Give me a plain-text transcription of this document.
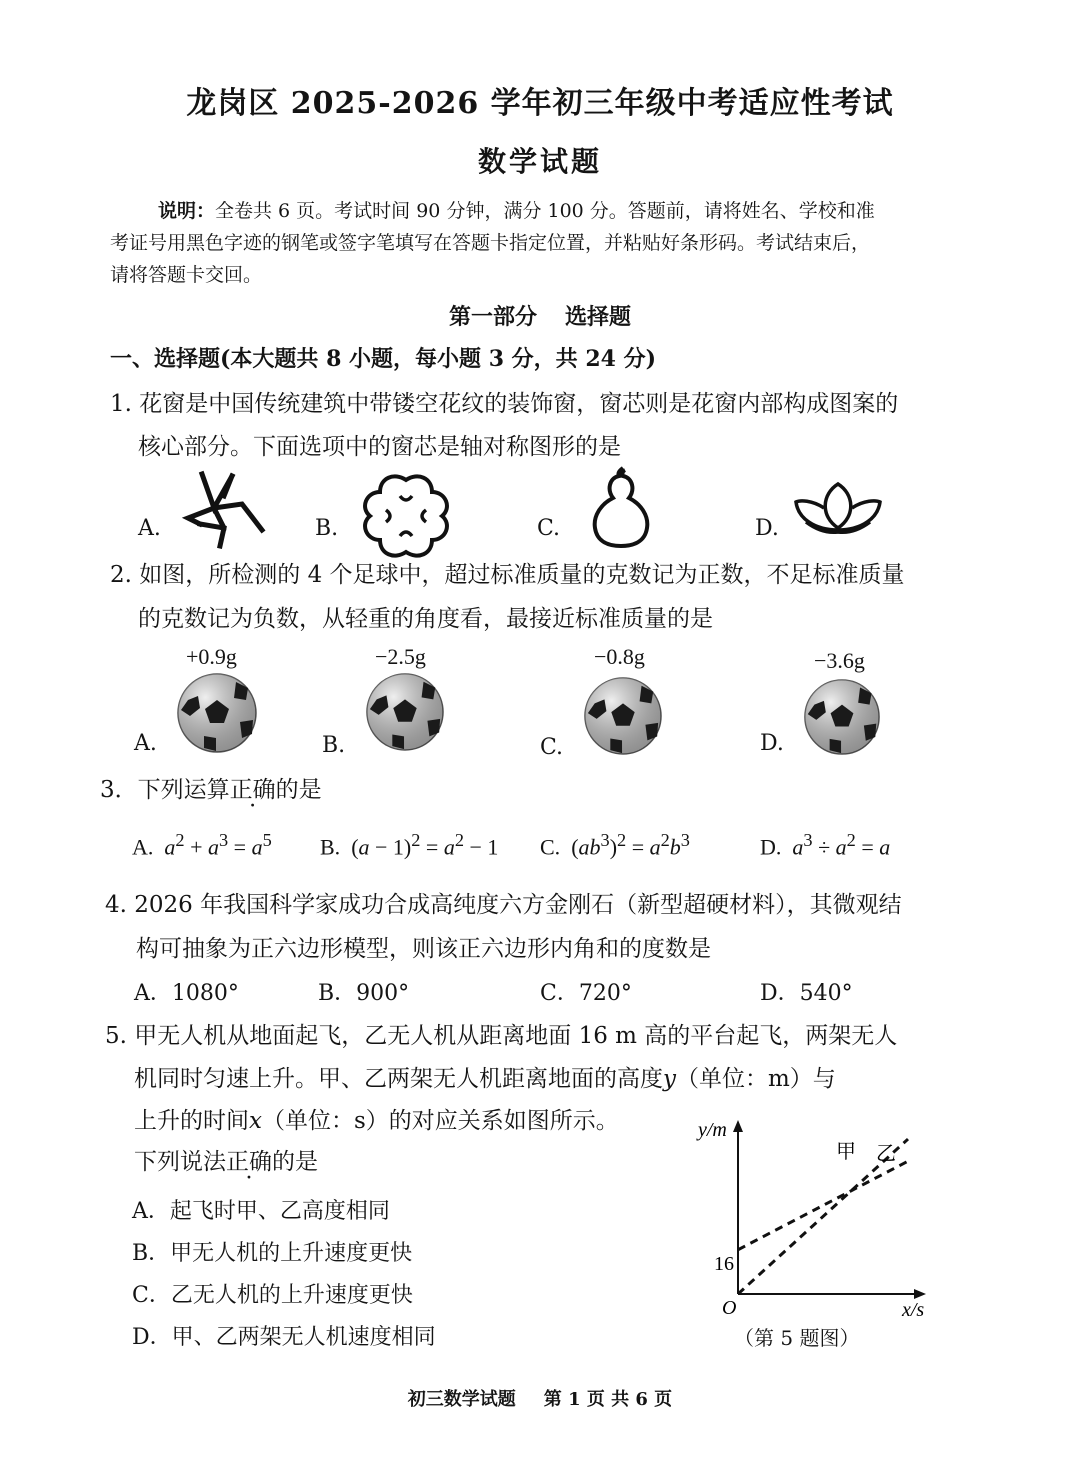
龙岗区 2025-2026 学年初三年级中考适应性考试
数学试题
说明：全卷共 6 页。考试时间 90 分钟，满分 100 分。答题前，请将姓名、学校和准
考证号用黑色字迹的钢笔或签字笔填写在答题卡指定位置，并粘贴好条形码。考试结束后，
请将答题卡交回。
第一部分 选择题
一、选择题(本大题共 8 小题，每小题 3 分，共 24 分)
1. 花窗是中国传统建筑中带镂空花纹的装饰窗，窗芯则是花窗内部构成图案的
核心部分。下面选项中的窗芯是轴对称图形的是
A.	B.	C.	D.
2. 如图，所检测的 4 个足球中，超过标准质量的克数记为正数，不足标准质量
的克数记为负数，从轻重的角度看，最接近标准质量的是
+0.9g	−2.5g	−0.8g	−3.6g
A.	B.	C.	D.
3．下列运算正确的是
A. $a^2 + a^3 = a^5$ B.  $(a - 1)^2 = a^2 - 1$ C.  $(ab^3)^2 = a^2b^3$	D. $a^3 \div a^2 = a$
4. 2026 年我国科学家成功合成高纯度六方金刚石（新型超硬材料），其微观结
构可抽象为正六边形模型，则该正六边形内角和的度数是
A．1080°	B．900°	C．720°	D．540°
5. 甲无人机从地面起飞，乙无人机从距离地面 16 m 高的平台起飞，两架无人
机同时匀速上升。甲、乙两架无人机距离地面的高度y（单位：m）与
上升的时间x（单位：s）的对应关系如图所示。
下列说法正确的是
A．起飞时甲、乙高度相同
B．甲无人机的上升速度更快
C．乙无人机的上升速度更快
D．甲、乙两架无人机速度相同
y/m
x/s
O
16
甲 乙
（第 5 题图）
初三数学试题 第 1 页 共 6 页
